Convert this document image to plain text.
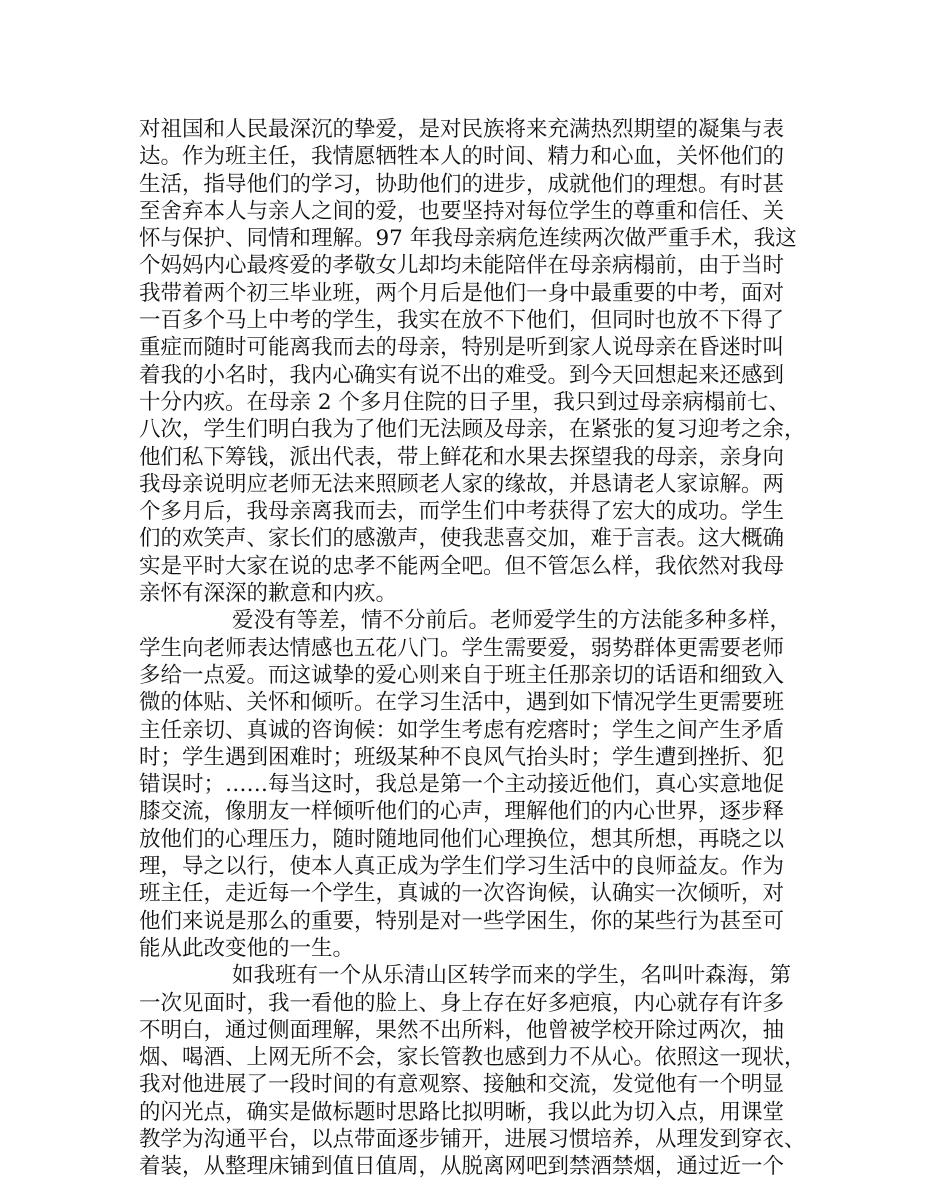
对祖国和人民最深沉的挚爱，是对民族将来充满热烈期望的凝集与表
达。作为班主任，我情愿牺牲本人的时间、精力和心血，关怀他们的
生活，指导他们的学习，协助他们的进步，成就他们的理想。有时甚
至舍弃本人与亲人之间的爱，也要坚持对每位学生的尊重和信任、关
怀与保护、同情和理解。97 年我母亲病危连续两次做严重手术，我这
个妈妈内心最疼爱的孝敬女儿却均未能陪伴在母亲病榻前，由于当时
我带着两个初三毕业班，两个月后是他们一身中最重要的中考，面对
一百多个马上中考的学生，我实在放不下他们，但同时也放不下得了
重症而随时可能离我而去的母亲，特别是听到家人说母亲在昏迷时叫
着我的小名时，我内心确实有说不出的难受。到今天回想起来还感到
十分内疚。在母亲 2 个多月住院的日子里，我只到过母亲病榻前七、
八次，学生们明白我为了他们无法顾及母亲，在紧张的复习迎考之余，
他们私下筹钱，派出代表，带上鲜花和水果去探望我的母亲，亲身向
我母亲说明应老师无法来照顾老人家的缘故，并恳请老人家谅解。两
个多月后，我母亲离我而去，而学生们中考获得了宏大的成功。学生
们的欢笑声、家长们的感激声，使我悲喜交加，难于言表。这大概确
实是平时大家在说的忠孝不能两全吧。但不管怎么样，我依然对我母
亲怀有深深的歉意和内疚。
爱没有等差，情不分前后。老师爱学生的方法能多种多样，
学生向老师表达情感也五花八门。学生需要爱，弱势群体更需要老师
多给一点爱。而这诚挚的爱心则来自于班主任那亲切的话语和细致入
微的体贴、关怀和倾听。在学习生活中，遇到如下情况学生更需要班
主任亲切、真诚的咨询候：如学生考虑有疙瘩时；学生之间产生矛盾
时；学生遇到困难时；班级某种不良风气抬头时；学生遭到挫折、犯
错误时；……每当这时，我总是第一个主动接近他们，真心实意地促
膝交流，像朋友一样倾听他们的心声，理解他们的内心世界，逐步释
放他们的心理压力，随时随地同他们心理换位，想其所想，再晓之以
理，导之以行，使本人真正成为学生们学习生活中的良师益友。作为
班主任，走近每一个学生，真诚的一次咨询候，认确实一次倾听，对
他们来说是那么的重要，特别是对一些学困生，你的某些行为甚至可
能从此改变他的一生。
如我班有一个从乐清山区转学而来的学生，名叫叶森海，第
一次见面时，我一看他的脸上、身上存在好多疤痕，内心就存有许多
不明白，通过侧面理解，果然不出所料，他曾被学校开除过两次，抽
烟、喝酒、上网无所不会，家长管教也感到力不从心。依照这一现状，
我对他进展了一段时间的有意观察、接触和交流，发觉他有一个明显
的闪光点，确实是做标题时思路比拟明晰，我以此为切入点，用课堂
教学为沟通平台，以点带面逐步铺开，进展习惯培养，从理发到穿衣、
着装，从整理床铺到值日值周，从脱离网吧到禁酒禁烟，通过近一个
